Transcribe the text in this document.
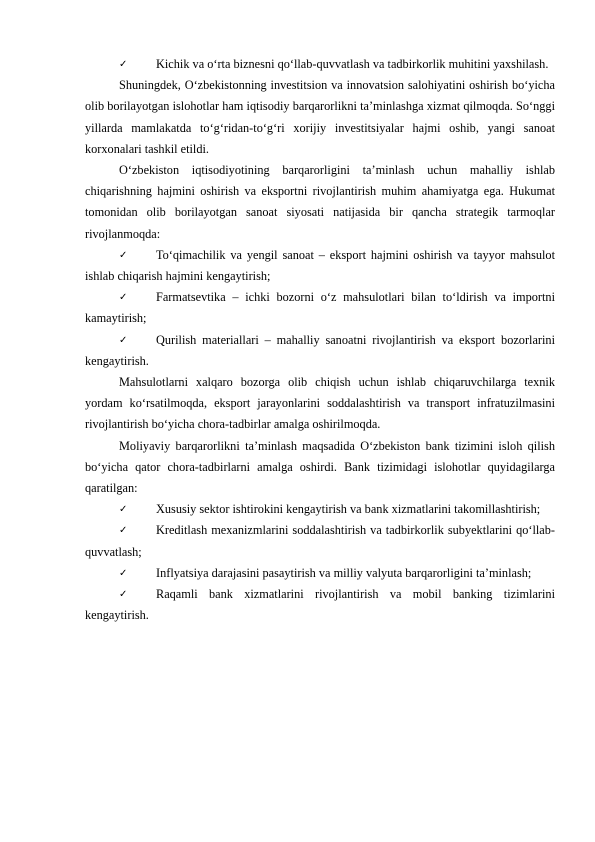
✓ Kichik va o‘rta biznesni qo‘llab-quvvatlash va tadbirkorlik muhitini yaxshilash.

Shuningdek, O‘zbekistonning investitsion va innovatsion salohiyatini oshirish bo‘yicha olib borilayotgan islohotlar ham iqtisodiy barqarorlikni ta’minlashga xizmat qilmoqda. So‘nggi yillarda mamlakatda to‘g‘ridan-to‘g‘ri xorijiy investitsiyalar hajmi oshib, yangi sanoat korxonalari tashkil etildi.

O‘zbekiston iqtisodiyotining barqarorligini ta’minlash uchun mahalliy ishlab chiqarishning hajmini oshirish va eksportni rivojlantirish muhim ahamiyatga ega. Hukumat tomonidan olib borilayotgan sanoat siyosati natijasida bir qancha strategik tarmoqlar rivojlanmoqda:

✓ To‘qimachilik va yengil sanoat – eksport hajmini oshirish va tayyor mahsulot ishlab chiqarish hajmini kengaytirish;

✓ Farmatsevtika – ichki bozorni o‘z mahsulotlari bilan to‘ldirish va importni kamaytirish;

✓ Qurilish materiallari – mahalliy sanoatni rivojlantirish va eksport bozorlarini kengaytirish.

Mahsulotlarni xalqaro bozorga olib chiqish uchun ishlab chiqaruvchilarga texnik yordam ko‘rsatilmoqda, eksport jarayonlarini soddalashtirish va transport infratuzilmasini rivojlantirish bo‘yicha chora-tadbirlar amalga oshirilmoqda.

Moliyaviy barqarorlikni ta’minlash maqsadida O‘zbekiston bank tizimini isloh qilish bo‘yicha qator chora-tadbirlarni amalga oshirdi. Bank tizimidagi islohotlar quyidagilarga qaratilgan:

✓ Xususiy sektor ishtirokini kengaytirish va bank xizmatlarini takomillashtirish;

✓ Kreditlash mexanizmlarini soddalashtirish va tadbirkorlik subyektlarini qo‘llab-quvvatlash;

✓ Inflyatsiya darajasini pasaytirish va milliy valyuta barqarorligini ta’minlash;

✓ Raqamli bank xizmatlarini rivojlantirish va mobil banking tizimlarini kengaytirish.
